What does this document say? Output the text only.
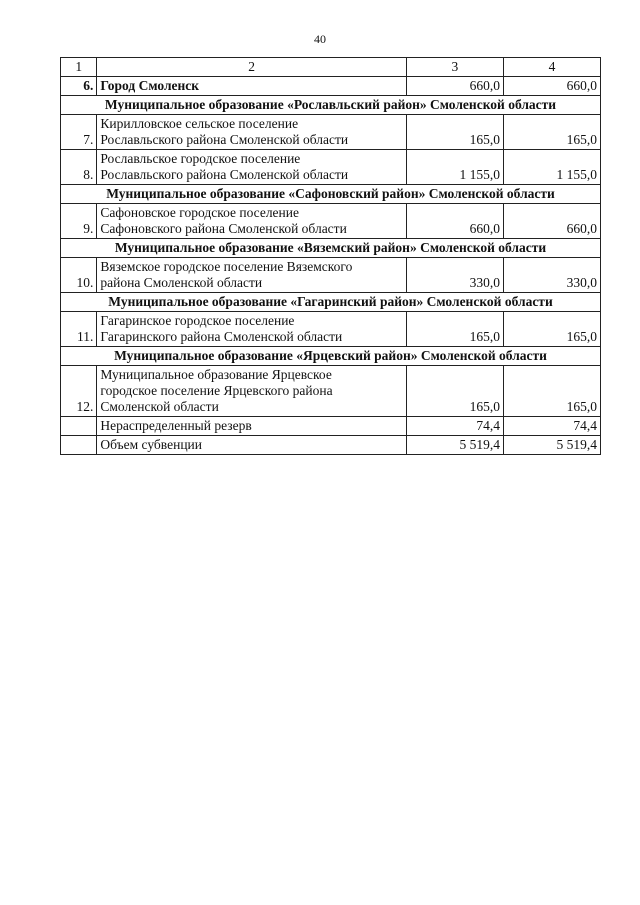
40
1	2	3	4
6.	Город Смоленск	660,0	660,0
Муниципальное образование «Рославльский район» Смоленской области			
7.	Кирилловское сельское поселение
Рославльского района Смоленской области	165,0	165,0
8.	Рославльское городское поселение
Рославльского района Смоленской области	1 155,0	1 155,0
Муниципальное образование «Сафоновский район» Смоленской области			
9.	Сафоновское городское поселение
Сафоновского района Смоленской области	660,0	660,0
Муниципальное образование «Вяземский район» Смоленской области			
10.	Вяземское городское поселение Вяземского
района Смоленской области	330,0	330,0
Муниципальное образование «Гагаринский район» Смоленской области			
11.	Гагаринское городское поселение
Гагаринского района Смоленской области	165,0	165,0
Муниципальное образование «Ярцевский район» Смоленской области			
12.	Муниципальное образование Ярцевское
городское поселение Ярцевского района
Смоленской области	165,0	165,0
	Нераспределенный резерв	74,4	74,4
	Объем субвенции	5 519,4	5 519,4
